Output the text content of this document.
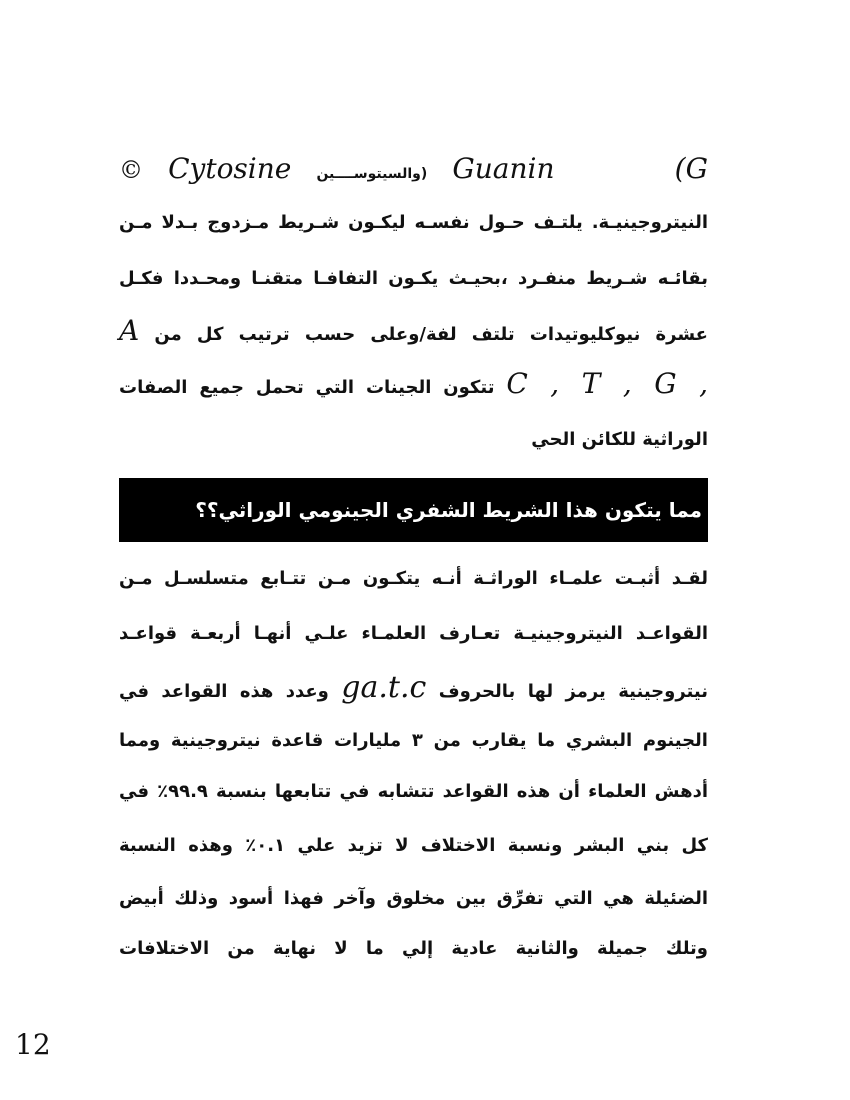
(G  Guanin (والسيتوســــين Cytosine ©
النيتروجينيـة. يلتـف حـول نفسـه ليكـون شـريط مـزدوج بـدلا مـن
بقائـه شـريط منفـرد ،بحيـث يكـون التفافـا متقنـا ومحـددا فكـل
عشرة نيوكليوتيدات تلتف لفة/وعلى حسب ترتيب كل من A
C , T , G , تتكون الجينات التي تحمل جميع الصفات
الوراثية للكائن الحي
مما يتكون هذا الشريط الشفري الجينومي الوراثي؟؟
لقـد أثبـت علمـاء الوراثـة أنـه يتكـون مـن تتـابع متسلسـل مـن
القواعـد النيتروجينيـة تعـارف العلمـاء علـي أنهـا أربعـة قواعـد
نيتروجينية يرمز لها بالحروف ga.t.c وعدد هذه القواعد في
الجينوم البشري ما يقارب من ٣ مليارات قاعدة نيتروجينية ومما
أدهش العلماء أن هذه القواعد تتشابه في تتابعها بنسبة ٩٩.٩٪ في
كل بني البشر ونسبة الاختلاف لا تزيد علي ٠.١٪ وهذه النسبة
الضئيلة هي التي تفرِّق بين مخلوق وآخر فهذا أسود وذلك أبيض
وتلك جميلة والثانية عادية إلي ما لا نهاية من الاختلافات
12
